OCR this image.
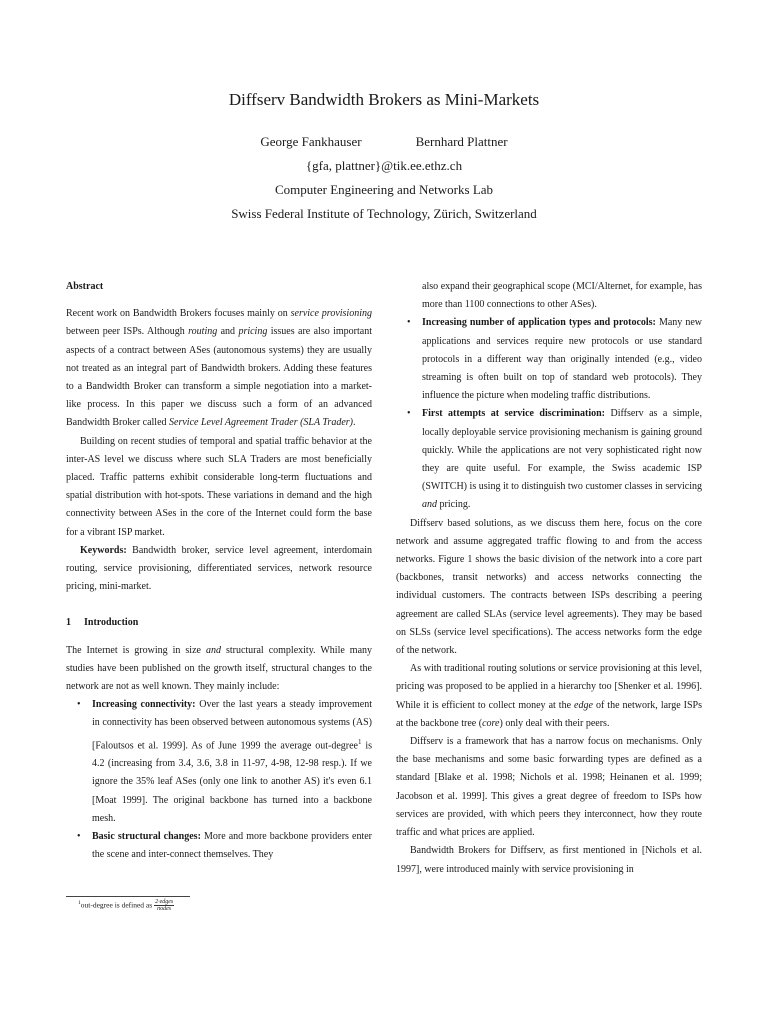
Diffserv Bandwidth Brokers as Mini-Markets
George Fankhauser	Bernhard Plattner
{gfa, plattner}@tik.ee.ethz.ch
Computer Engineering and Networks Lab
Swiss Federal Institute of Technology, Zürich, Switzerland

Abstract

Recent work on Bandwidth Brokers focuses mainly on service provisioning between peer ISPs. Although routing and pricing issues are also important aspects of a contract between ASes (autonomous systems) they are usually not treated as an integral part of Bandwidth brokers. Adding these features to a Bandwidth Broker can transform a simple negotiation into a market-like process. In this paper we discuss such a form of an advanced Bandwidth Broker called Service Level Agreement Trader (SLA Trader).

Building on recent studies of temporal and spatial traffic behavior at the inter-AS level we discuss where such SLA Traders are most beneficially placed. Traffic patterns exhibit considerable long-term fluctuations and spatial distribution with hot-spots. These variations in demand and the high connectivity between ASes in the core of the Internet could form the base for a vibrant ISP market.

Keywords: Bandwidth broker, service level agreement, interdomain routing, service provisioning, differentiated services, network resource pricing, mini-market.

1 Introduction

The Internet is growing in size and structural complexity. While many studies have been published on the growth itself, structural changes to the network are not as well known. They mainly include:

• Increasing connectivity: Over the last years a steady improvement in connectivity has been observed between autonomous systems (AS) [Faloutsos et al. 1999]. As of June 1999 the average out-degree$^1$ is 4.2 (increasing from 3.4, 3.6, 3.8 in 11-97, 4-98, 12-98 resp.). If we ignore the 35% leaf ASes (only one link to another AS) it's even 6.1 [Moat 1999]. The original backbone has turned into a backbone mesh.
• Basic structural changes: More and more backbone providers enter the scene and inter-connect themselves. They
also expand their geographical scope (MCI/Alternet, for example, has more than 1100 connections to other ASes).
• Increasing number of application types and protocols: Many new applications and services require new protocols or use standard protocols in a different way than originally intended (e.g., video streaming is often built on top of standard web protocols). They influence the picture when modeling traffic distributions.
• First attempts at service discrimination: Diffserv as a simple, locally deployable service provisioning mechanism is gaining ground quickly. While the applications are not very sophisticated right now they are quite useful. For example, the Swiss academic ISP (SWITCH) is using it to distinguish two customer classes in servicing and pricing.

Diffserv based solutions, as we discuss them here, focus on the core network and assume aggregated traffic flowing to and from the access networks. Figure 1 shows the basic division of the network into a core part (backbones, transit networks) and access networks connecting the individual customers. The contracts between ISPs describing a peering agreement are called SLAs (service level agreements). They may be based on SLSs (service level specifications). The access networks form the edge of the network.

As with traditional routing solutions or service provisioning at this level, pricing was proposed to be applied in a hierarchy too [Shenker et al. 1996]. While it is efficient to collect money at the edge of the network, large ISPs at the backbone tree (core) only deal with their peers.

Diffserv is a framework that has a narrow focus on mechanisms. Only the base mechanisms and some basic forwarding types are defined as a standard [Blake et al. 1998; Nichols et al. 1998; Heinanen et al. 1999; Jacobson et al. 1999]. This gives a great degree of freedom to ISPs how services are provided, with which peers they interconnect, how they route traffic and what prices are applied.

Bandwidth Brokers for Diffserv, as first mentioned in [Nichols et al. 1997], were introduced mainly with service provisioning in

$^1$out-degree is defined as $\frac{\text{2·edges}}{\text{nodes}}$
